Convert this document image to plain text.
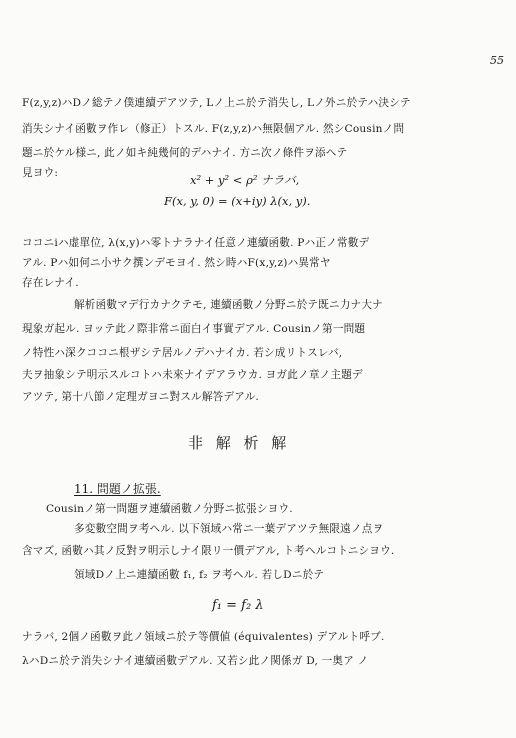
55
F(z,y,z)ハDノ総テノ僕連續デアツテ, Lノ上ニ於テ消失し, Lノ外ニ於テハ決シテ
消失シナイ函數ヲ作レ（修正）トスル. F(z,y,z)ハ無限個アル. 然シCousinノ問
題ニ於ケル様ニ, 此ノ如キ純幾何的デハナイ. 方ニ次ノ條件ヲ添ヘテ
見ヨウ:	x² + y² < ρ² ナラバ,
F(x, y, 0) = (x+iy) λ(x, y).
ココニiハ虚單位, λ(x,y)ハ零トナラナイ任意ノ連續函數. Pハ正ノ常數デ
アル. Pハ如何ニ小サク撰ンデモヨイ. 然シ時ハF(x,y,z)ハ異常ヤ
存在レナイ.
解析函數マデ行カナクテモ, 連續函數ノ分野ニ於テ既ニ力ナ大ナ
現象ガ起ル. ヨッテ此ノ際非常ニ面白イ事實デアル. Cousinノ第一問題
ノ特性ハ深クココニ根ザシテ居ルノデハナイカ. 若シ成リトスレバ,
夫ヲ抽象シテ明示スルコトハ未來ナイデアラウカ. ヨガ此ノ章ノ主題デ
アツテ, 第十八節ノ定理ガヨニ對スル解答デアル.
非 解 析 解
11. 問題ノ拡張.
Cousinノ第一問題ヲ連續函數ノ分野ニ拡張シヨウ.
多変數空間ヲ考ヘル. 以下領域ハ常ニ一葉デアツテ無限遠ノ点ヲ
含マズ, 函數ハ其ノ反對ヲ明示しナイ限リ一價デアル, ト考ヘルコトニシヨウ.
領域Dノ上ニ連續函數 f₁, f₂ ヲ考ヘル. 若しDニ於テ
f₁ = f₂ λ
ナラバ, 2個ノ函數ヲ此ノ領域ニ於テ等價値 (équivalentes) デアルト呼ブ.
λハDニ於テ消失シナイ連續函數デアル. 又若シ此ノ関係ガ D, 一奥ア ノ
